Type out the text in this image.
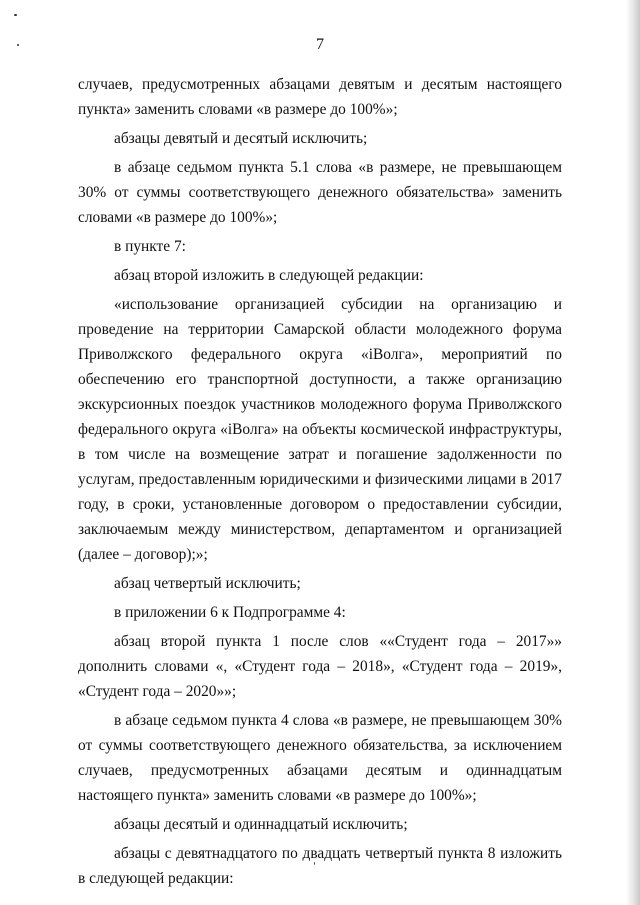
7

случаев, предусмотренных абзацами девятым и десятым настоящего пункта» заменить словами «в размере до 100%»;

абзацы девятый и десятый исключить;

в абзаце седьмом пункта 5.1 слова «в размере, не превышающем 30% от суммы соответствующего денежного обязательства» заменить словами «в размере до 100%»;

в пункте 7:

абзац второй изложить в следующей редакции:

«использование организацией субсидии на организацию и проведение на территории Самарской области молодежного форума Приволжского федерального округа «iВолга», мероприятий по обеспечению его транспортной доступности, а также организацию экскурсионных поездок участников молодежного форума Приволжского федерального округа «iВолга» на объекты космической инфраструктуры, в том числе на возмещение затрат и погашение задолженности по услугам, предоставленным юридическими и физическими лицами в 2017 году, в сроки, установленные договором о предоставлении субсидии, заключаемым между министерством, департаментом и организацией (далее – договор);»;

абзац четвертый исключить;

в приложении 6 к Подпрограмме 4:

абзац второй пункта 1 после слов ««Студент года – 2017»» дополнить словами «, «Студент года – 2018», «Студент года – 2019», «Студент года – 2020»»;

в абзаце седьмом пункта 4 слова «в размере, не превышающем 30% от суммы соответствующего денежного обязательства, за исключением случаев, предусмотренных абзацами десятым и одиннадцатым настоящего пункта» заменить словами «в размере до 100%»;

абзацы десятый и одиннадцатый исключить;

абзацы с девятнадцатого по двадцать четвертый пункта 8 изложить в следующей редакции:
